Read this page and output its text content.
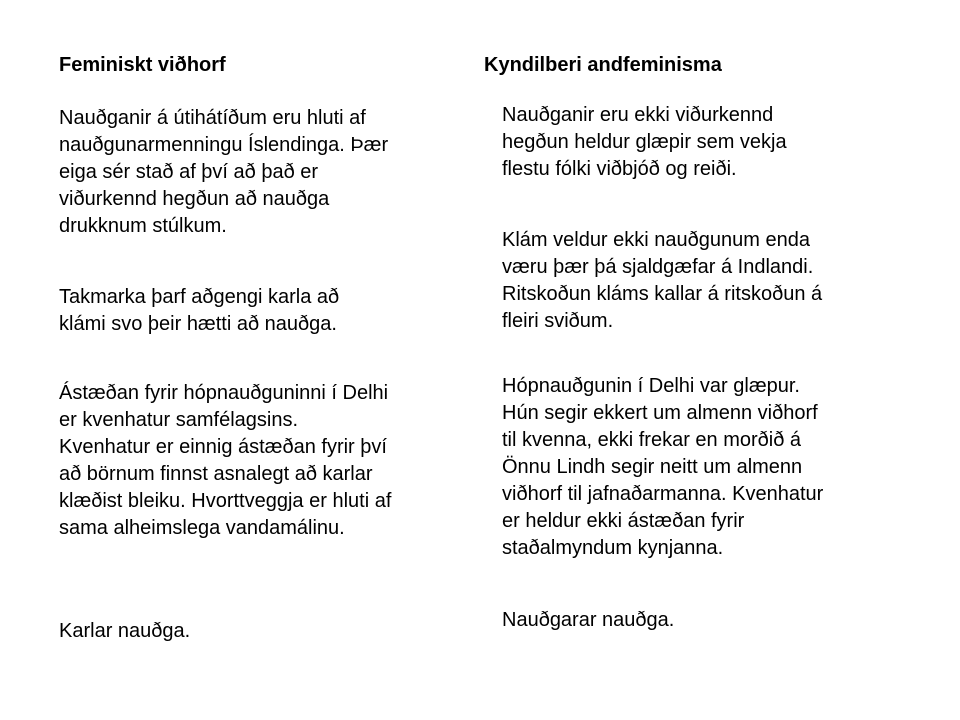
Feminiskt viðhorf
Nauðganir á útihátíðum eru hluti af
nauðgunarmenningu Íslendinga. Þær
eiga sér stað af því að það er
viðurkennd hegðun að nauðga
drukknum stúlkum.
Takmarka þarf aðgengi karla að
klámi svo þeir hætti að nauðga.
Ástæðan fyrir hópnauðguninni í Delhi
er kvenhatur samfélagsins.
Kvenhatur er einnig ástæðan fyrir því
að börnum finnst asnalegt að karlar
klæðist bleiku. Hvorttveggja er hluti af
sama alheimslega vandamálinu.
Karlar nauðga.
Kyndilberi andfeminisma
Nauðganir eru ekki viðurkennd
hegðun heldur glæpir sem vekja
flestu fólki viðbjóð og reiði.
Klám veldur ekki nauðgunum enda
væru þær þá sjaldgæfar á Indlandi.
Ritskoðun kláms kallar á ritskoðun á
fleiri sviðum.
Hópnauðgunin í Delhi var glæpur.
Hún segir ekkert um almenn viðhorf
til kvenna, ekki frekar en morðið á
Önnu Lindh segir neitt um almenn
viðhorf til jafnaðarmanna. Kvenhatur
er heldur ekki ástæðan fyrir
staðalmyndum kynjanna.
Nauðgarar nauðga.
